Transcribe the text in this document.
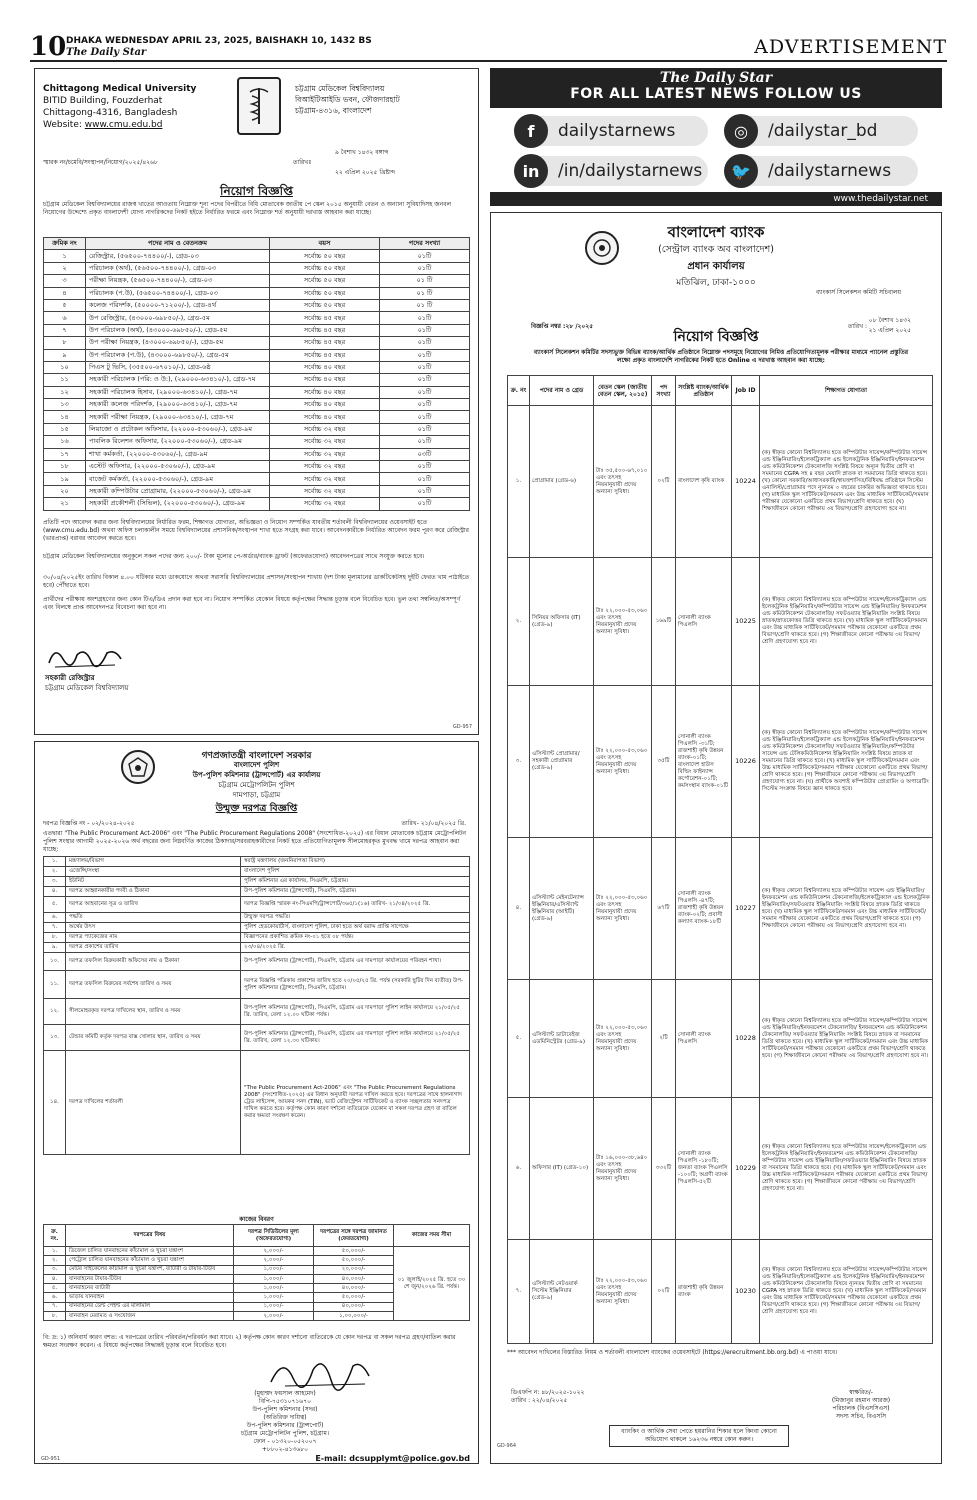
10 DHAKA WEDNESDAY APRIL 23, 2025, BAISHAKH 10, 1432 BS
The Daily Star	ADVERTISEMENT
Chittagong Medical University
BITID Building, Fouzderhat
Chittagong-4316, Bangladesh
Website: www.cmu.edu.bd
চট্টগ্রাম মেডিকেল বিশ্ববিদ্যালয়
বিআইটিআইডি ভবন, ফৌজদারহাট
চট্টগ্রাম-৪৩১৬, বাংলাদেশ
৯ বৈশাখ ১৪৩২ বঙ্গাব্দ
স্মারক নং/চমেবি/সংস্থাপন/নিয়োগ/২০২৫/৪২৬৮	তারিখঃ
২২ এপ্রিল ২০২৫ খ্রিষ্টাব্দ
নিয়োগ বিজ্ঞপ্তি
চট্টগ্রাম মেডিকেল বিশ্ববিদ্যালয়ের রাজস্ব খাতের আওতায় নিম্নোক্ত শূন্য পদের বিপরীতে বিধি মোতাবেক জাতীয় পে স্কেল ২০১৫ অনুযায়ী বেতন ও অন্যান্য সুবিধাদিসহ জনবল নিয়োগের উদ্দেশ্যে প্রকৃত বাংলাদেশী যোগ্য নাগরিকদের নিকট হইতে নির্ধারিত ফরমে এবং নিম্নোক্ত শর্ত অনুযায়ী দরখাস্ত আহবান করা যাচ্ছে।
ক্রমিক নং	পদের নাম ও বেতনক্রম	বয়স	পদের সংখ্যা
১	রেজিস্ট্রার, (৫৬৫০০-৭৪৪০০/-), গ্রেড-০৩	সর্বোচ্চ ৫০ বছর	০১টি
২	পরিচালক (অর্থ), (৫৬৫০০-৭৪৪০০/-), গ্রেড-০৩	সর্বোচ্চ ৫০ বছর	০১টি
৩	পরীক্ষা নিয়ন্ত্রক, (৫৬৫০০-৭৪৪০০/-), গ্রেড-০৩	সর্বোচ্চ ৫০ বছর	০১ টি
৪	পরিচালক (প.উ), (৫৬৫০০-৭৪৪০০/-), গ্রেড-০৩	সর্বোচ্চ ৫০ বছর	০১ টি
৫	কলেজ পরিদর্শক, (৫০০০০-৭১২০০/-), গ্রেড-৪র্থ	সর্বোচ্চ ৫০ বছর	০১ টি
৬	উপ রেজিস্ট্রার, (৪৩০০০-৬৯৮৫০/-), গ্রেড-৫ম	সর্বোচ্চ ৪৫ বছর	০১টি
৭	উপ পরিচালক (অর্থ), (৪৩০০০-৬৯৮৫০/-), গ্রেড-৫ম	সর্বোচ্চ ৪৫ বছর	০১টি
৮	উপ পরীক্ষা নিয়ন্ত্রক, (৪৩০০০-৬৯৮৫০/-), গ্রেড-৫ম	সর্বোচ্চ ৪৫ বছর	০১টি
৯	উপ পরিচালক (প.উ), (৪৩০০০-৬৯৮৫০/-), গ্রেড-৫ম	সর্বোচ্চ ৪৫ বছর	০১টি
১০	পিএস টু ভিসি, (৩৫৫০০-৬৭০১০/-), গ্রেড-৬ষ্ঠ	সর্বোচ্চ ৪০ বছর	০১টি
১১	সহকারী পরিচালক (পরি: ও উ:), (২৯০০০-৬৩৪১০/-), গ্রেড-৭ম	সর্বোচ্চ ৪০ বছর	০১টি
১২	সহকারী পরিচালক হিসাব, (২৯০০০-৬৩৪১০/-), গ্রেড-৭ম	সর্বোচ্চ ৪০ বছর	০১টি
১৩	সহকারী কলেজ পরিদর্শক, (২৯০০০-৬৩৪১০/-), গ্রেড-৭ম	সর্বোচ্চ ৪০ বছর	০১টি
১৪	সহকারী পরীক্ষা নিয়ন্ত্রক, (২৯০০০-৬৩৪১০/-), গ্রেড-৭ম	সর্বোচ্চ ৪০ বছর	০১টি
১৫	লিয়াজো ও প্রটোকল অফিসার, (২২০০০-৫৩০৬০/-), গ্রেড-৯ম	সর্বোচ্চ ৩২ বছর	০১টি
১৬	পাবলিক রিলেশন অফিসার, (২২০০০-৫৩০৬০/-), গ্রেড-৯ম	সর্বোচ্চ ৩২ বছর	০১টি
১৭	শাখা কর্মকর্তা, (২২০০০-৫৩০৬০/-), গ্রেড-৯ম	সর্বোচ্চ ৩২ বছর	০৩টি
১৮	এস্টেট অফিসার, (২২০০০-৫৩০৬০/-), গ্রেড-৯ম	সর্বোচ্চ ৩২ বছর	০১টি
১৯	বাজেট কর্মকর্তা, (২২০০০-৫৩০৬০/-), গ্রেড-৯ম	সর্বোচ্চ ৩২ বছর	০১টি
২০	সহকারী কম্পিউটার প্রোগ্রামার, (২২০০০-৫৩০৬০/-), গ্রেড-৯ম	সর্বোচ্চ ৩২ বছর	০১টি
২১	সহকারী প্রকৌশলী (সিভিল), (২২০০০-৫৩০৬০/-), গ্রেড-৯ম	সর্বোচ্চ ৩২ বছর	০১টি
প্রতিটি পদে আবেদন করার জন্য বিশ্ববিদ্যালয়ের নির্ধারিত ফরম, শিক্ষাগত যোগ্যতা, অভিজ্ঞতা ও নিয়োগ সম্পর্কিত যাবতীয় শর্তাবলী বিশ্ববিদ্যালয়ের ওয়েবসাইট হতে (www.cmu.edu.bd) অথবা অফিস চলাকালীন সময়ে বিশ্ববিদ্যালয়ের প্রশাসনিক/সংস্থাপন শাখা হতে সংগ্রহ করা যাবে। আবেদনকারীকে নির্ধারিত আবেদন ফরম পূরণ করে রেজিস্ট্রার (ভারপ্রাপ্ত) বরাবর আবেদন করতে হবে।
চট্টগ্রাম মেডিকেল বিশ্ববিদ্যালয়ের অনুকূলে সকল পদের জন্য ২০০/- টাকা মূল্যের পে-অর্ডার/ব্যাংক ড্রাফট (অফেরতযোগ্য) আবেদনপত্রের সাথে সংযুক্ত করতে হবে।
৩০/০৪/২০২৫ইং তারিখ বিকাল ৪.০০ ঘটিকার মধ্যে ডাকযোগে অথবা সরাসরি বিশ্ববিদ্যালয়ের প্রশাসন/সংস্থাপন শাখায় (দশ টাকা মূল্যমানের ডাকটিকেটসহ দুইটি ফেরত খাম পাঠাইতে হবে) পৌঁছাতে হবে।
প্রার্থীদের পরীক্ষায় অংশগ্রহণের জন্য কোন টিএ/ডিএ প্রদান করা হবে না। নিয়োগ সম্পর্কিত যেকোন বিষয়ে কর্তৃপক্ষের সিদ্ধান্ত চূড়ান্ত বলে বিবেচিত হবে। ভুল তথ্য সম্বলিত/অসম্পূর্ণ এবং বিলম্বে প্রাপ্ত আবেদনপত্র বিবেচনা করা হবে না।
সহকারী রেজিস্ট্রার
চট্টগ্রাম মেডিকেল বিশ্ববিদ্যালয়
GD-957
The Daily Star
FOR ALL LATEST NEWS FOLLOW US
f	dailystarnews	◎	/dailystar_bd
in	/in/dailystarnews	🐦	/dailystarnews
www.thedailystar.net
বাংলাদেশ ব্যাংক
(সেন্ট্রাল ব্যাংক অব বাংলাদেশ)
প্রধান কার্যালয়
মতিঝিল, ঢাকা-১০০০
ব্যাংকার্স সিলেকশন কমিটি সচিবালয়
বিজ্ঞপ্তি নম্বর :২৮ /২০২৫	তারিখ :
০৮ বৈশাখ ১৪৩২
২১ এপ্রিল ২০২৫
নিয়োগ বিজ্ঞপ্তি
ব্যাংকার্স সিলেকশন কমিটির সদস্যভুক্ত বিভিন্ন ব্যাংক/আর্থিক প্রতিষ্ঠানে নিম্নোক্ত পদসমূহে নিয়োগের নিমিত্ত প্রতিযোগিতামূলক পরীক্ষার মাধ্যমে প্যানেল প্রস্তুতির লক্ষ্যে প্রকৃত বাংলাদেশি নাগরিকের নিকট হতে Online এ দরখাস্ত আহবান করা যাচ্ছে:
ক্র. নং	পদের নাম ও গ্রেড	বেতন স্কেল (জাতীয় বেতন স্কেল, ২০১৫)	পদ সংখ্যা	সংশ্লিষ্ট ব্যাংক/আর্থিক প্রতিষ্ঠান	Job ID	শিক্ষাগত যোগ্যতা
১.	প্রোগ্রামার (গ্রেড-৬)	টাঃ ৩৫,৫০০-৬৭,০১০ এবং তৎসহ নিয়মানুযায়ী প্রদেয় অন্যান্য সুবিধা।	০২টি	বাংলাদেশ কৃষি ব্যাংক	10224	(ক) স্বীকৃত কোনো বিশ্ববিদ্যালয় হতে কম্পিউটার সায়েন্স/কম্পিউটার সায়েন্স এন্ড ইঞ্জিনিয়ারিং/ইলেকট্রিক্যাল এন্ড ইলেকট্রনিক ইঞ্জিনিয়ারিং/ইনফরমেশন এন্ড কমিউনিকেশন টেকনোলজি সংশ্লিষ্ট বিষয়ে অন্যূন দ্বিতীয় শ্রেণি বা সমমানের CGPA সহ ৪ বছর মেয়াদি স্নাতক বা সমমানের ডিগ্রি থাকতে হবে। (খ) কোনো সরকারি/আধাসরকারি/স্বায়ত্তশাসিত/বিধিবদ্ধ প্রতিষ্ঠানে সিস্টেম এনালিস্ট/প্রোগ্রামার পদে ন্যূনতম ৩ বছরের চাকরির অভিজ্ঞতা থাকতে হবে। (গ) মাধ্যমিক স্কুল সার্টিফিকেট/সমমান এবং উচ্চ মাধ্যমিক সার্টিফিকেট/সমমান পরীক্ষার যেকোনো একটিতে প্রথম বিভাগ/শ্রেণি থাকতে হবে। (ঘ) শিক্ষাজীবনে কোনো পরীক্ষায় ৩য় বিভাগ/শ্রেণি গ্রহণযোগ্য হবে না।
২.	সিনিয়র অফিসার (IT) (গ্রেড-৯)	টাঃ ২২,০০০-৫৩,০৬০ এবং তৎসহ নিয়মানুযায়ী প্রদেয় অন্যান্য সুবিধা।	১৬৯টি	সোনালী ব্যাংক পিএলসি	10225	(ক) স্বীকৃত কোনো বিশ্ববিদ্যালয় হতে কম্পিউটার সায়েন্স/ইলেকট্রিক্যাল এন্ড ইলেকট্রনিক ইঞ্জিনিয়ারিং/কম্পিউটার সায়েন্স এন্ড ইঞ্জিনিয়ারিং/ ইনফরমেশন এন্ড কমিউনিকেশন টেকনোলজি/ সফটওয়্যার ইঞ্জিনিয়ারিং সংশ্লিষ্ট বিষয়ে স্নাতক/স্নাতকোত্তর ডিগ্রি থাকতে হবে। (খ) মাধ্যমিক স্কুল সার্টিফিকেট/সমমান এবং উচ্চ মাধ্যমিক সার্টিফিকেট/সমমান পরীক্ষার যেকোনো একটিতে প্রথম বিভাগ/শ্রেণি থাকতে হবে। (গ) শিক্ষাজীবনে কোনো পরীক্ষায় ৩য় বিভাগ/শ্রেণি গ্রহণযোগ্য হবে না।
৩.	এসিস্ট্যান্ট প্রোগ্রামার/ সহকারী প্রোগ্রামার (গ্রেড-৯)	টাঃ ২২,০০০-৫৩,০৬০ এবং তৎসহ নিয়মানুযায়ী প্রদেয় অন্যান্য সুবিধা।	৩৫টি	সোনালী ব্যাংক পিএলসি -৩১টি; রাজশাহী কৃষি উন্নয়ন ব্যাংক-০১টি; বাংলাদেশ হাউস বিল্ডিং ফাইন্যান্স কর্পোরেশন-০১টি; কর্মসংস্থান ব্যাংক-০১টি	10226	(ক) স্বীকৃত কোনো বিশ্ববিদ্যালয় হতে কম্পিউটার সায়েন্স/কম্পিউটার সায়েন্স এন্ড ইঞ্জিনিয়ারিং/ইলেকট্রিক্যাল এন্ড ইলেকট্রনিক ইঞ্জিনিয়ারিং/ইনফরমেশন এন্ড কমিউনিকেশন টেকনোলজি/ সফটওয়্যার ইঞ্জিনিয়ারিং/কম্পিউটার সায়েন্স এন্ড টেলিকমিউনিকেশন ইঞ্জিনিয়ারিং সংশ্লিষ্ট বিষয়ে স্নাতক বা সমমানের ডিগ্রি থাকতে হবে। (খ) মাধ্যমিক স্কুল সার্টিফিকেট/সমমান এবং উচ্চ মাধ্যমিক সার্টিফিকেট/সমমান পরীক্ষার যেকোনো একটিতে প্রথম বিভাগ/শ্রেণি থাকতে হবে। (গ) শিক্ষাজীবনে কোনো পরীক্ষায় ৩য় বিভাগ/শ্রেণি গ্রহণযোগ্য হবে না। (ঘ) প্রার্থীকে অবশ্যই কম্পিউটার প্রোগ্রামিং ও অপারেটিং সিস্টেম সংক্রান্ত বিষয়ে জ্ঞান থাকতে হবে।
৪.	এসিস্ট্যান্ট মেইনটেন্যান্স ইঞ্জিনিয়ার/এসিস্ট্যান্ট ইঞ্জিনিয়ার (আইটি) (গ্রেড-৯)	টাঃ ২২,০০০-৫৩,০৬০ এবং তৎসহ নিয়মানুযায়ী প্রদেয় অন্যান্য সুবিধা।	৬৭টি	সোনালী ব্যাংক পিএলসি -৪৭টি; রাজশাহী কৃষি উন্নয়ন ব্যাংক-০২টি; প্রবাসী কল্যাণ ব্যাংক-১৮টি	10227	(ক) স্বীকৃত কোনো বিশ্ববিদ্যালয় হতে কম্পিউটার সায়েন্স এন্ড ইঞ্জিনিয়ারিং/ইনফরমেশন এন্ড কমিউনিকেশন টেকনোলজি/ইলেকট্রিক্যাল এন্ড ইলেকট্রনিক ইঞ্জিনিয়ারিং/সফটওয়্যার ইঞ্জিনিয়ারিং সংশ্লিষ্ট বিষয়ে স্নাতক ডিগ্রি থাকতে হবে। (খ) মাধ্যমিক স্কুল সার্টিফিকেট/সমমান এবং উচ্চ মাধ্যমিক সার্টিফিকেট/সমমান পরীক্ষার যেকোনো একটিতে প্রথম বিভাগ/শ্রেণি থাকতে হবে। (গ) শিক্ষাজীবনে কোনো পরীক্ষায় ৩য় বিভাগ/শ্রেণি গ্রহণযোগ্য হবে না।
৫.	এসিস্ট্যান্ট ডাটাবেইজ এডমিনিস্ট্রেটর (গ্রেড-৯)	টাঃ ২২,০০০-৫৩,০৬০ এবং তৎসহ নিয়মানুযায়ী প্রদেয় অন্যান্য সুবিধা।	২টি	সোনালী ব্যাংক পিএলসি	10228	(ক) স্বীকৃত কোনো বিশ্ববিদ্যালয় হতে কম্পিউটার সায়েন্স/কম্পিউটার সায়েন্স এন্ড ইঞ্জিনিয়ারিং/ইনফরমেশন টেকনোলজি/ ইনফরমেশন এন্ড কমিউনিকেশন টেকনোলজি/ সফটওয়্যার ইঞ্জিনিয়ারিং সংশ্লিষ্ট বিষয়ে স্নাতক বা সমমানের ডিগ্রি থাকতে হবে। (খ) মাধ্যমিক স্কুল সার্টিফিকেট/সমমান এবং উচ্চ মাধ্যমিক সার্টিফিকেট/সমমান পরীক্ষার যেকোনো একটিতে প্রথম বিভাগ/শ্রেণি থাকতে হবে। (গ) শিক্ষাজীবনে কোনো পরীক্ষায় ৩য় বিভাগ/শ্রেণি গ্রহণযোগ্য হবে না।
৬.	অফিসার (IT) (গ্রেড-১০)	টাঃ ১৬,০০০-৩৮,৬৪০ এবং তৎসহ নিয়মানুযায়ী প্রদেয় অন্যান্য সুবিধা।	৩৩২টি	সোনালী ব্যাংক পিএলসি -১৮০টি; জনতা ব্যাংক পিএলসি -১০০টি; অগ্রণী ব্যাংক পিএলসি-৫২টি	10229	(ক) স্বীকৃত কোনো বিশ্ববিদ্যালয় হতে কম্পিউটার সায়েন্স/ইলেকট্রিক্যাল এন্ড ইলেকট্রনিক ইঞ্জিনিয়ারিং/ইনফরমেশন এন্ড কমিউনিকেশন টেকনোলজি/ কম্পিউটার সায়েন্স এন্ড ইঞ্জিনিয়ারিং/সফটওয়্যার ইঞ্জিনিয়ারিং বিষয়ে স্নাতক বা সমমানের ডিগ্রি থাকতে হবে। (খ) মাধ্যমিক স্কুল সার্টিফিকেট/সমমান এবং উচ্চ মাধ্যমিক সার্টিফিকেট/সমমান পরীক্ষার যেকোনো একটিতে প্রথম বিভাগ/শ্রেণি থাকতে হবে। (গ) শিক্ষাজীবনে কোনো পরীক্ষায় ৩য় বিভাগ/শ্রেণি গ্রহণযোগ্য হবে না।
৭.	এসিস্ট্যান্ট নেটওয়ার্ক সিস্টেম ইঞ্জিনিয়ার (গ্রেড-৯)	টাঃ ২২,০০০-৫৩,০৬০ এবং তৎসহ নিয়মানুযায়ী প্রদেয় অন্যান্য সুবিধা।	০২টি	রাজশাহী কৃষি উন্নয়ন ব্যাংক	10230	(ক) স্বীকৃত কোনো বিশ্ববিদ্যালয় হতে কম্পিউটার সায়েন্স/কম্পিউটার সায়েন্স এন্ড ইঞ্জিনিয়ারিং/ইলেকট্রিক্যাল এন্ড ইলেকট্রনিক ইঞ্জিনিয়ারিং/ইনফরমেশন এন্ড কমিউনিকেশন টেকনোলজি বিষয়ে ন্যূনতম দ্বিতীয় শ্রেণি বা সমমানের CGPA সহ স্নাতক ডিগ্রি থাকতে হবে। (খ) মাধ্যমিক স্কুল সার্টিফিকেট/সমমান এবং উচ্চ মাধ্যমিক সার্টিফিকেট/সমমান পরীক্ষার যেকোনো একটিতে প্রথম বিভাগ/শ্রেণি থাকতে হবে। (গ) শিক্ষাজীবনে কোনো পরীক্ষায় ৩য় বিভাগ/শ্রেণি গ্রহণযোগ্য হবে না।
*** আবেদন দাখিলের বিস্তারিত নিয়ম ও শর্তাবলী বাংলাদেশ ব্যাংকের ওয়েবসাইটে (https://erecruitment.bb.org.bd) এ পাওয়া যাবে।
ডিএফপি ন: ৪৮/২০২৫-১০২২
তারিখ : ২২/০৪/২০২৫
স্বাক্ষরিত/-
(মিজানুর রহমান আরজ)
পরিচালক (বিএসসিএস)
সদস্য সচিব, বিএসসি
ব্যাংকিং ও আর্থিক সেবা পেতে হয়রানির শিকার হলে কিংবা কোনো অভিযোগ থাকলে ১৬২৩৬ নম্বরে কোন করুন।
GD-964
গণপ্রজাতন্ত্রী বাংলাদেশ সরকার
বাংলাদেশ পুলিশ
উপ-পুলিশ কমিশনার (ট্রান্সপোর্ট) এর কার্যালয়
চট্টগ্রাম মেট্রোপলিটন পুলিশ
দামপাড়া, চট্টগ্রাম
উন্মুক্ত দরপত্র বিজ্ঞপ্তি
দরপত্র বিজ্ঞপ্তি নং - ০২/২০২৪-২০২৫	তারিখ- ২১/০৪/২০২৫ খ্রি.
এতদ্বারা "The Public Procurement Act-2006" এবং "The Public Procurement Regulations 2008" (সংশোধিত-২০২৫) এর বিধান মোতাবেক চট্টগ্রাম মেট্রোপলিটন পুলিশ সংস্থার আগামী ২০২৫-২০২৬ অর্থ বছরের জন্য নিম্নবর্ণিত কাজের ঠিকাদার/সরবরাহকারীদের নিকট হতে প্রতিযোগিতামূলক সীলমোহরকৃত মুখবদ্ধ খামে দরপত্র আহবান করা যাচ্ছে:
১.	মন্ত্রণালয়/বিভাগ	স্বরাষ্ট্র মন্ত্রণালয় (জননিরাপত্তা বিভাগ)
২.	এজেন্সি/সংস্থা	বাংলাদেশ পুলিশ
৩.	ইউনিট	পুলিশ কমিশনার এর কার্যালয়, সিএমপি, চট্টগ্রাম।
৪.	দরপত্র আহ্বানকারীর পদবী ও ঠিকানা	উপ-পুলিশ কমিশনার (ট্রান্সপোর্ট), সিএমপি, চট্টগ্রাম।
৫.	দরপত্র আহবানের সূত্র ও তারিখ	দরপত্র বিজ্ঞপ্তি স্মারক নং-সিএমপি/ট্রান্সপোর্ট/৩৬৫/১(১৬) তারিখ- ২১/০৪/২০২৫ খ্রি.
৬.	পদ্ধতি	উন্মুক্ত দরপত্র পদ্ধতি।
৭.	অর্থের উৎস	পুলিশ হেডকোয়ার্টার্স, বাংলাদেশ পুলিশ, ঢাকা হতে অর্থ বরাদ্দ প্রাপ্তি সাপেক্ষে
৮.	দরপত্র প্যাকেজের নাম	বিজ্ঞাপনের প্রকাশিত ক্রমিক নং-০১ হতে ০৮ পর্যন্ত।
৯.	দরপত্র প্রকাশের তারিখ	২৩/০৪/২০২৫ খ্রি.
১০.	দরপত্র তফসিল বিক্রয়কারী অফিসের নাম ও ঠিকানা	উপ-পুলিশ কমিশনার (ট্রান্সপোর্ট), সিএমপি, চট্টগ্রাম এর দামপাড়া কার্যালয়ের পরিবহন শাখা।
১১.	দরপত্র তফসিল বিক্রয়ের সর্বশেষ তারিখ ও সময়	দরপত্র বিজ্ঞপ্তি পত্রিকায় প্রকাশের তারিখ হতে ২০/০৫/২৫ খ্রি. পর্যন্ত (সরকারি ছুটির দিন ব্যতীত) উপ-পুলিশ কমিশনার (ট্রান্সপোর্ট), সিএমপি, চট্টগ্রাম।
১২.	সীলমোহরকৃত দরপত্র দাখিলের স্থান, তারিখ ও সময়	উপ-পুলিশ কমিশনার (ট্রান্সপোর্ট), সিএমপি, চট্টগ্রাম এর দামপাড়া পুলিশ লাইন কার্যালয়ে ২১/০৫/২৫ খ্রি. তারিখ, বেলা ১২.০০ ঘটিকা পর্যন্ত।
১৩.	টেন্ডার কমিটি কর্তৃক দরপত্র বাক্স খোলার স্থান, তারিখ ও সময়	উপ-পুলিশ কমিশনার (ট্রান্সপোর্ট), সিএমপি, চট্টগ্রাম এর দামপাড়া পুলিশ লাইন কার্যালয়ে ২১/০৫/২৫ খ্রি. তারিখ, বেলা ১২.৩০ ঘটিকায়।
১৪.	দরপত্র দাখিলের শর্তাবলী	"The Public Procurement Act-2006" এবং "The Public Procurement Regulations 2008" (সংশোধিত-২০২৫) এর বিধান অনুযায়ী দরপত্র দাখিল করতে হবে। দরপত্রের সাথে হালনাগাদ ট্রেড লাইসেন্স, আয়কর সনদ (TIN), ভ্যাট রেজিস্ট্রেশন সার্টিফিকেট ও ব্যাংক সচ্ছলতার সনদপত্র দাখিল করতে হবে। কর্তৃপক্ষ কোন কারণ দর্শানো ব্যতিরেকে যেকোন বা সকল দরপত্র গ্রহণ বা বাতিল করার ক্ষমতা সংরক্ষণ করেন।
কাজের বিবরণ
ক্র. নং.	দরপত্রের বিষয়	দরপত্র সিডিউলের মূল্য (অফেরতযোগ্য)	দরপত্রের সঙ্গে দরপত্র জামানত (ফেরতযোগ্য)	কাজের সময় সীমা
১.	ডিজেল চালিত যানবাহনের কাঁচামাল ও খুচরা যন্ত্রাংশ	২,০০০/-	৫০,০০০/-	০১ জুলাই/২০২৫ খ্রি. হতে ৩০ শে জুন/২০২৬ খ্রি. পর্যন্ত।
২.	পেট্রোল চালিত যানবাহনের কাঁচামাল ও খুচরা যন্ত্রাংশ	২,০০০/-	৫০,০০০/-	
৩.	মোটর সাইকেলের কাঁচামাল ও খুচরা যন্ত্রাংশ, ব্যাটারী ও টায়ার-টিউব	১,০০০/-	২০,০০০/-	
৪.	যানবাহনের টায়ার-টিউব	১,০০০/-	৪০,০০০/-	
৫.	যানবাহনের ব্যাটারী	১,০০০/-	৪০,০০০/-	
৬.	ভাড়ায় যানবাহন	১,০০০/-	৫০,০০০/-	
৭.	যানবাহনের ডেন্ট পেইন্ট এর মালামাল	১,০০০/-	৪০,০০০/-	
৮.	যানবাহন মেরামত ও সংযোজন	২,০০০/-	১,০০,০০০/-	
বি: দ্র: ১) অনিবার্য কারণ বশত: এ দরপত্রের তারিখ পরিবর্তন/পরিবর্ধন করা যাবে। ২) কর্তৃপক্ষ কোন কারণ দর্শানো ব্যতিরেকে যে কোন দরপত্র বা সকল দরপত্র গ্রহণ/বাতিল করার ক্ষমতা সংরক্ষণ করেন। এ বিষয়ে কর্তৃপক্ষের সিদ্ধান্তই চূড়ান্ত বলে বিবেচিত হবে।
(মুহাম্মদ ফয়সাল আহমেদ)
বিপি-৭৫৩১০৭১৬৭০
উপ-পুলিশ কমিশনার (সদর)
(অতিরিক্ত দায়িত্ব)
উপ-পুলিশ কমিশনার (ট্রান্সপোর্ট)
চট্টগ্রাম মেট্রোপলিটন পুলিশ, চট্টগ্রাম।
ফোন - ০১৩২০-০৫২০০৭
+৮৮০২-৪১৩৬৮০
E-mail: dcsupplymt@police.gov.bd
GD-951
